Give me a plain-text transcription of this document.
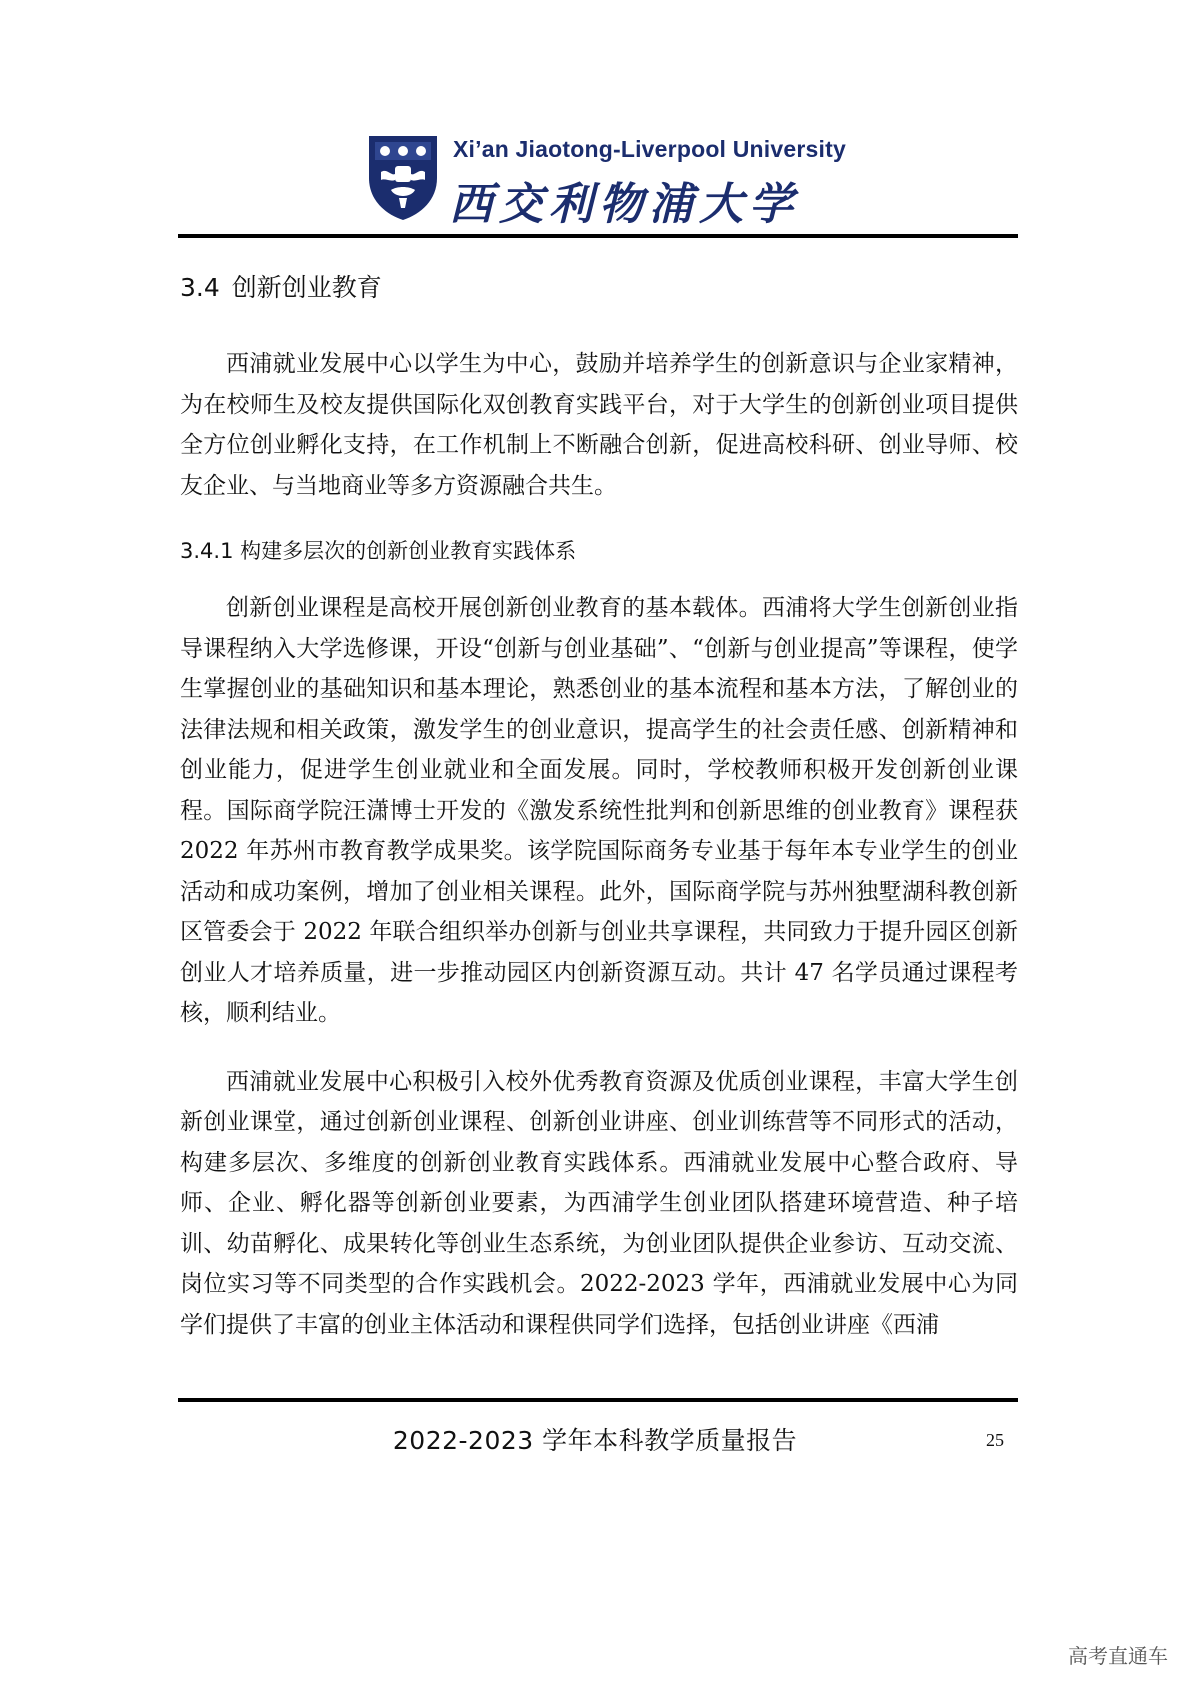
Xi’an Jiaotong-Liverpool University
西交利物浦大学
3.4 创新创业教育

西浦就业发展中心以学生为中心，鼓励并培养学生的创新意识与企业家精神，为在校师生及校友提供国际化双创教育实践平台，对于大学生的创新创业项目提供全方位创业孵化支持，在工作机制上不断融合创新，促进高校科研、创业导师、校友企业、与当地商业等多方资源融合共生。

3.4.1 构建多层次的创新创业教育实践体系

创新创业课程是高校开展创新创业教育的基本载体。西浦将大学生创新创业指导课程纳入大学选修课，开设“创新与创业基础”、“创新与创业提高”等课程，使学生掌握创业的基础知识和基本理论，熟悉创业的基本流程和基本方法，了解创业的法律法规和相关政策，激发学生的创业意识，提高学生的社会责任感、创新精神和创业能力，促进学生创业就业和全面发展。同时，学校教师积极开发创新创业课程。国际商学院汪潇博士开发的《激发系统性批判和创新思维的创业教育》课程获 2022 年苏州市教育教学成果奖。该学院国际商务专业基于每年本专业学生的创业活动和成功案例，增加了创业相关课程。此外，国际商学院与苏州独墅湖科教创新区管委会于 2022 年联合组织举办创新与创业共享课程，共同致力于提升园区创新创业人才培养质量，进一步推动园区内创新资源互动。共计 47 名学员通过课程考核，顺利结业。

西浦就业发展中心积极引入校外优秀教育资源及优质创业课程，丰富大学生创新创业课堂，通过创新创业课程、创新创业讲座、创业训练营等不同形式的活动，构建多层次、多维度的创新创业教育实践体系。西浦就业发展中心整合政府、导师、企业、孵化器等创新创业要素，为西浦学生创业团队搭建环境营造、种子培训、幼苗孵化、成果转化等创业生态系统，为创业团队提供企业参访、互动交流、岗位实习等不同类型的合作实践机会。2022-2023 学年，西浦就业发展中心为同学们提供了丰富的创业主体活动和课程供同学们选择，包括创业讲座《西浦

2022-2023 学年本科教学质量报告	25
高考直通车
